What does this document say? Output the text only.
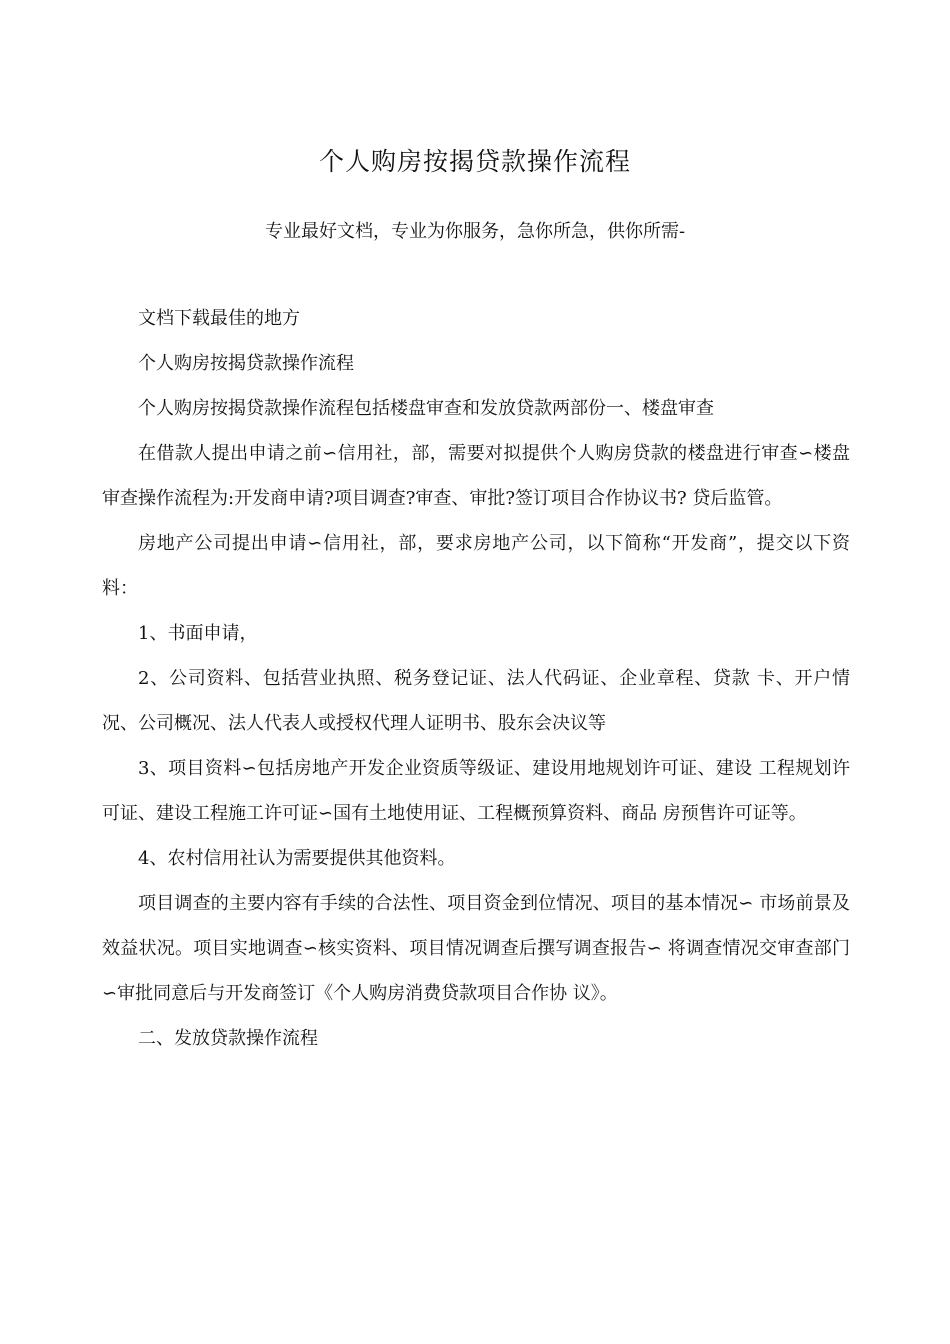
个人购房按揭贷款操作流程
专业最好文档，专业为你服务，急你所急，供你所需-

文档下载最佳的地方

个人购房按揭贷款操作流程

个人购房按揭贷款操作流程包括楼盘审查和发放贷款两部份一、楼盘审查

在借款人提出申请之前∽信用社，部，需要对拟提供个人购房贷款的楼盘进行审查∽楼盘审查操作流程为:开发商申请?项目调查?审查、审批?签订项目合作协议书? 贷后监管。

房地产公司提出申请∽信用社，部，要求房地产公司，以下简称“开发商”，提交以下资料：

1、书面申请，

2、公司资料、包括营业执照、税务登记证、法人代码证、企业章程、贷款 卡、开户情况、公司概况、法人代表人或授权代理人证明书、股东会决议等

3、项目资料∽包括房地产开发企业资质等级证、建设用地规划许可证、建设 工程规划许可证、建设工程施工许可证∽国有土地使用证、工程概预算资料、商品 房预售许可证等。

4、农村信用社认为需要提供其他资料。

项目调查的主要内容有手续的合法性、项目资金到位情况、项目的基本情况∽ 市场前景及效益状况。项目实地调查∽核实资料、项目情况调查后撰写调查报告∽ 将调查情况交审查部门∽审批同意后与开发商签订《个人购房消费贷款项目合作协 议》。

二、发放贷款操作流程
